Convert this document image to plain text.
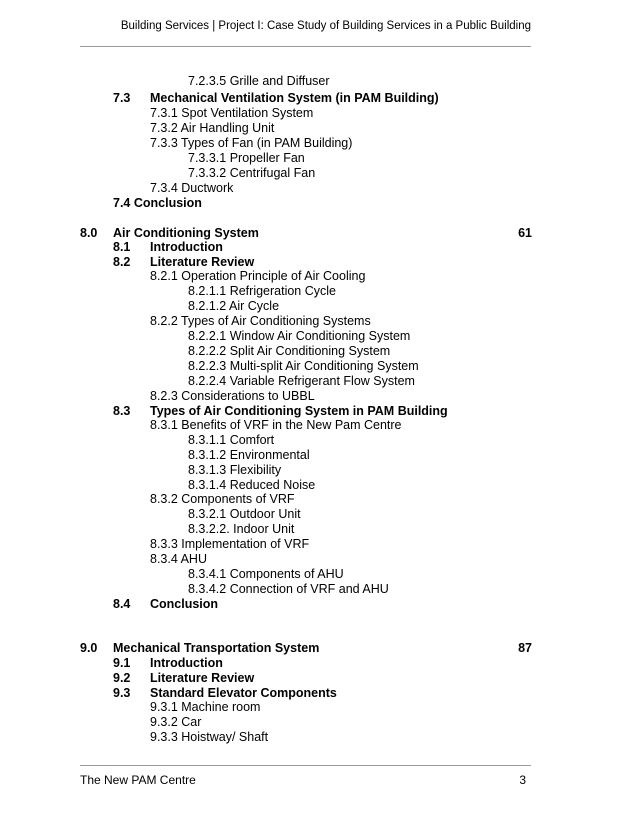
Building Services | Project I: Case Study of Building Services in a Public Building
7.2.3.5 Grille and Diffuser
7.3 Mechanical Ventilation System (in PAM Building)
7.3.1 Spot Ventilation System
7.3.2 Air Handling Unit
7.3.3 Types of Fan (in PAM Building)
7.3.3.1 Propeller Fan
7.3.3.2 Centrifugal Fan
7.3.4 Ductwork
7.4 Conclusion
8.0 Air Conditioning System	61
8.1 Introduction
8.2 Literature Review
8.2.1 Operation Principle of Air Cooling
8.2.1.1 Refrigeration Cycle
8.2.1.2 Air Cycle
8.2.2 Types of Air Conditioning Systems
8.2.2.1 Window Air Conditioning System
8.2.2.2 Split Air Conditioning System
8.2.2.3 Multi-split Air Conditioning System
8.2.2.4 Variable Refrigerant Flow System
8.2.3 Considerations to UBBL
8.3 Types of Air Conditioning System in PAM Building
8.3.1 Benefits of VRF in the New Pam Centre
8.3.1.1 Comfort
8.3.1.2 Environmental
8.3.1.3 Flexibility
8.3.1.4 Reduced Noise
8.3.2 Components of VRF
8.3.2.1 Outdoor Unit
8.3.2.2. Indoor Unit
8.3.3 Implementation of VRF
8.3.4 AHU
8.3.4.1 Components of AHU
8.3.4.2 Connection of VRF and AHU
8.4 Conclusion
9.0 Mechanical Transportation System	87
9.1 Introduction
9.2 Literature Review
9.3 Standard Elevator Components
9.3.1 Machine room
9.3.2 Car
9.3.3 Hoistway/ Shaft
The New PAM Centre	3
